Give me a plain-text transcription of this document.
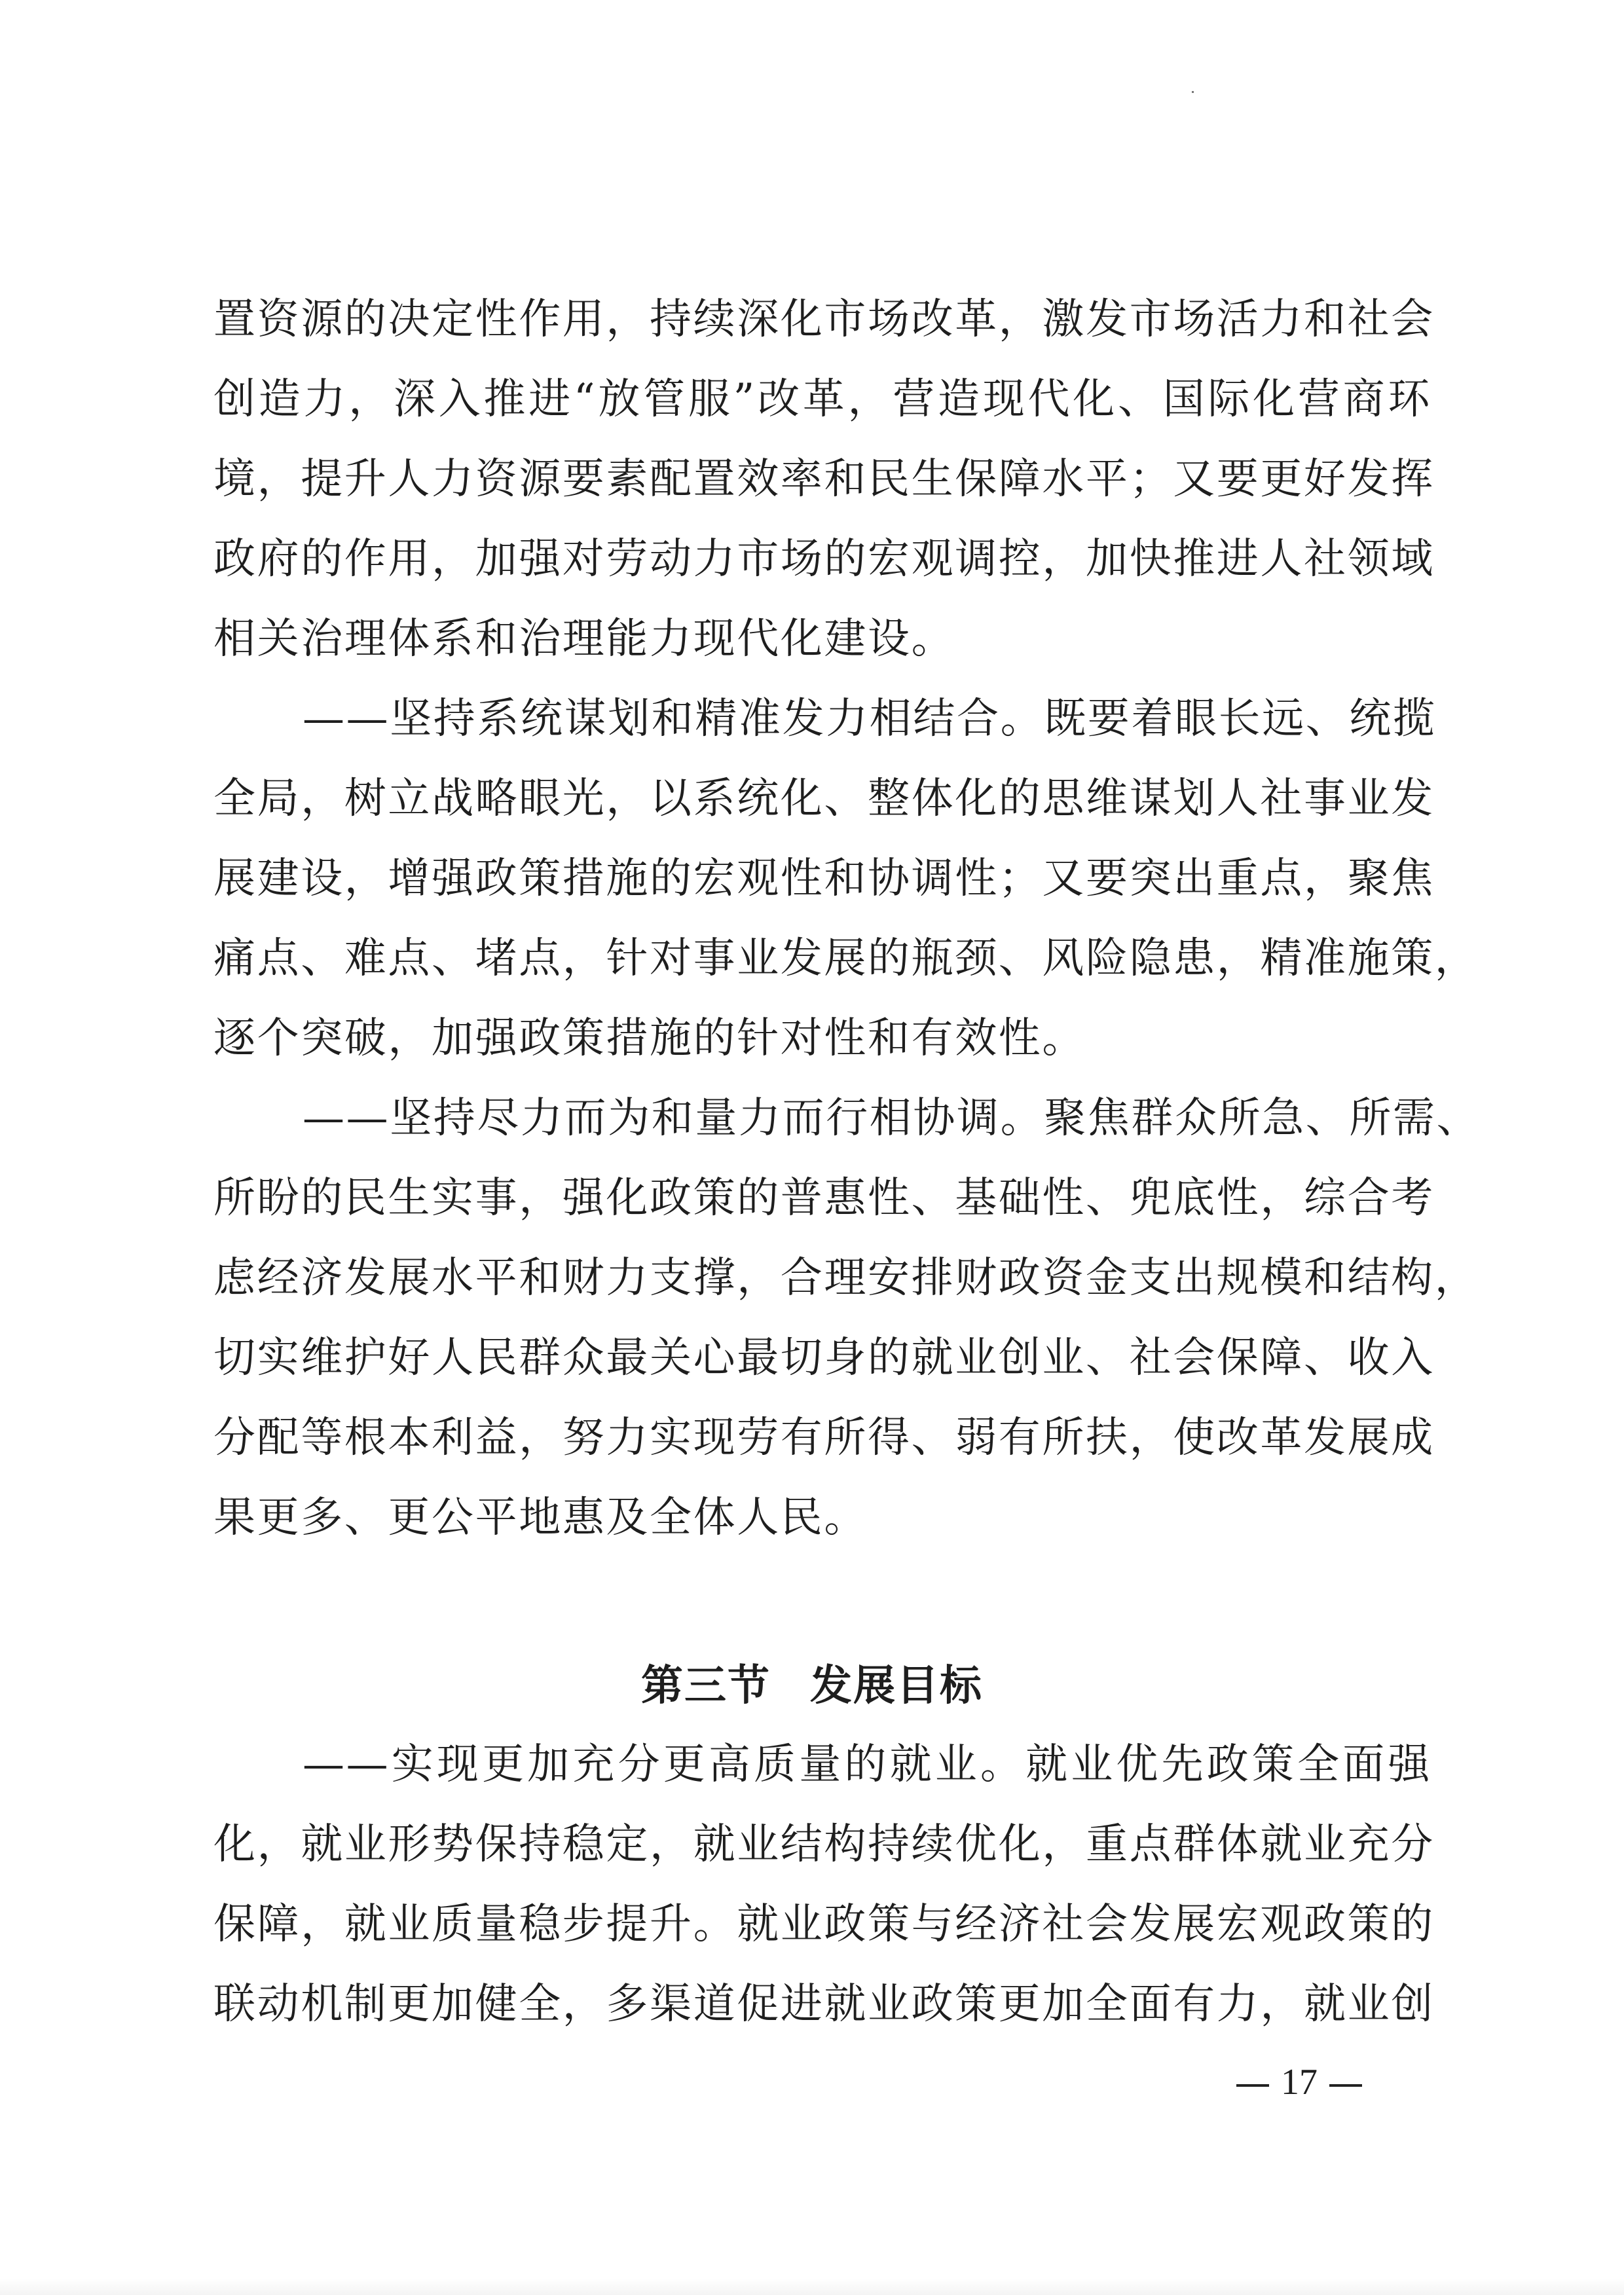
置资源的决定性作用，持续深化市场改革，激发市场活力和社会
创造力，深入推进“放管服”改革，营造现代化、国际化营商环
境，提升人力资源要素配置效率和民生保障水平；又要更好发挥
政府的作用，加强对劳动力市场的宏观调控，加快推进人社领域
相关治理体系和治理能力现代化建设。
——坚持系统谋划和精准发力相结合。既要着眼长远、统揽
全局，树立战略眼光，以系统化、整体化的思维谋划人社事业发
展建设，增强政策措施的宏观性和协调性；又要突出重点，聚焦
痛点、难点、堵点，针对事业发展的瓶颈、风险隐患，精准施策，
逐个突破，加强政策措施的针对性和有效性。
——坚持尽力而为和量力而行相协调。聚焦群众所急、所需、
所盼的民生实事，强化政策的普惠性、基础性、兜底性，综合考
虑经济发展水平和财力支撑，合理安排财政资金支出规模和结构，
切实维护好人民群众最关心最切身的就业创业、社会保障、收入
分配等根本利益，努力实现劳有所得、弱有所扶，使改革发展成
果更多、更公平地惠及全体人民。
第三节 发展目标
——实现更加充分更高质量的就业。就业优先政策全面强
化，就业形势保持稳定，就业结构持续优化，重点群体就业充分
保障，就业质量稳步提升。就业政策与经济社会发展宏观政策的
联动机制更加健全，多渠道促进就业政策更加全面有力，就业创
17
